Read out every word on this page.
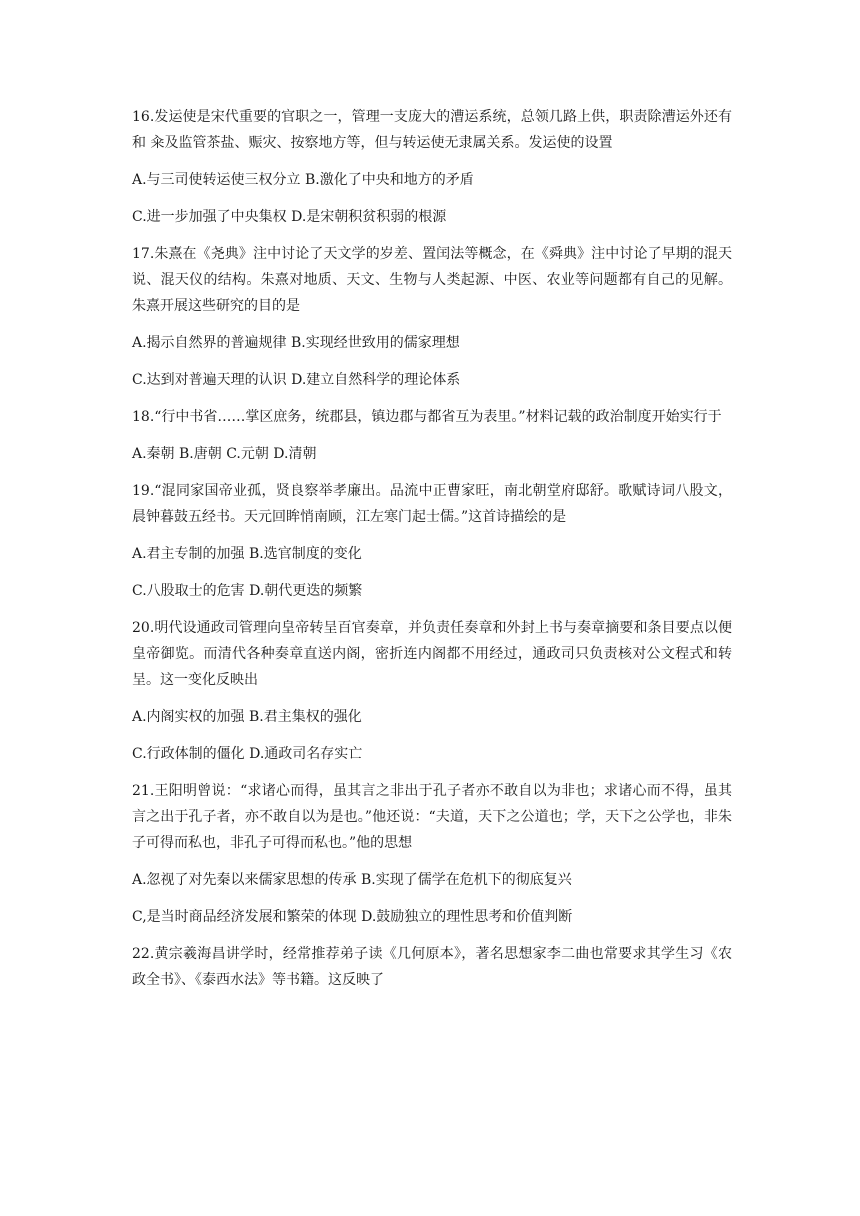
16.发运使是宋代重要的官职之一，管理一支庞大的漕运系统，总领几路上供，职责除漕运外还有和 籴及监管茶盐、赈灾、按察地方等，但与转运使无隶属关系。发运使的设置

A.与三司使转运使三权分立 B.激化了中央和地方的矛盾

C.进一步加强了中央集权 D.是宋朝积贫积弱的根源

17.朱熹在《尧典》注中讨论了天文学的岁差、置闰法等概念，在《舜典》注中讨论了早期的混天说、混天仪的结构。朱熹对地质、天文、生物与人类起源、中医、农业等问题都有自己的见解。朱熹开展这些研究的目的是

A.揭示自然界的普遍规律 B.实现经世致用的儒家理想

C.达到对普遍天理的认识 D.建立自然科学的理论体系

18.“行中书省……掌区庶务，统郡县，镇边郡与都省互为表里。”材料记载的政治制度开始实行于

A.秦朝 B.唐朝 C.元朝 D.清朝

19.“混同家国帝业孤，贤良察举孝廉出。品流中正曹家旺，南北朝堂府邸舒。歌赋诗词八股文，晨钟暮鼓五经书。天元回眸悄南顾，江左寒门起士儒。”这首诗描绘的是

A.君主专制的加强 B.选官制度的变化

C.八股取士的危害 D.朝代更迭的频繁

20.明代设通政司管理向皇帝转呈百官奏章，并负责任奏章和外封上书与奏章摘要和条目要点以便皇帝御览。而清代各种奏章直送内阁，密折连内阁都不用经过，通政司只负责核对公文程式和转呈。这一变化反映出

A.内阁实权的加强 B.君主集权的强化

C.行政体制的僵化 D.通政司名存实亡

21.王阳明曾说：“求诸心而得，虽其言之非出于孔子者亦不敢自以为非也；求诸心而不得，虽其言之出于孔子者，亦不敢自以为是也。”他还说：“夫道，天下之公道也；学，天下之公学也，非朱子可得而私也，非孔子可得而私也。”他的思想

A.忽视了对先秦以来儒家思想的传承 B.实现了儒学在危机下的彻底复兴

C,是当时商品经济发展和繁荣的体现 D.鼓励独立的理性思考和价值判断

22.黄宗羲海昌讲学时，经常推荐弟子读《几何原本》，著名思想家李二曲也常要求其学生习《农政全书》、《泰西水法》等书籍。这反映了
